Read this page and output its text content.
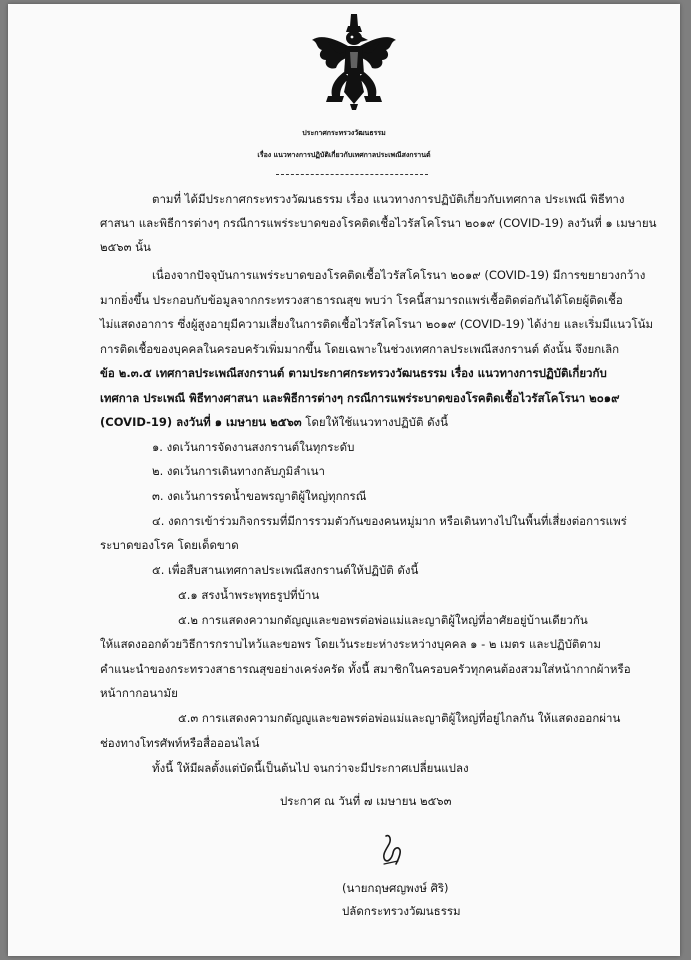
ประกาศกระทรวงวัฒนธรรม
เรื่อง แนวทางการปฏิบัติเกี่ยวกับเทศกาลประเพณีสงกรานต์
ตามที่ ได้มีประกาศกระทรวงวัฒนธรรม เรื่อง แนวทางการปฏิบัติเกี่ยวกับเทศกาล ประเพณี พิธีทาง
ศาสนา และพิธีการต่างๆ กรณีการแพร่ระบาดของโรคติดเชื้อไวรัสโคโรนา ๒๐๑๙ (COVID-19) ลงวันที่ ๑ เมษายน
๒๕๖๓ นั้น
เนื่องจากปัจจุบันการแพร่ระบาดของโรคติดเชื้อไวรัสโคโรนา ๒๐๑๙ (COVID-19) มีการขยายวงกว้าง
มากยิ่งขึ้น ประกอบกับข้อมูลจากกระทรวงสาธารณสุข พบว่า โรคนี้สามารถแพร่เชื้อติดต่อกันได้โดยผู้ติดเชื้อ
ไม่แสดงอาการ ซึ่งผู้สูงอายุมีความเสี่ยงในการติดเชื้อไวรัสโคโรนา ๒๐๑๙ (COVID-19) ได้ง่าย และเริ่มมีแนวโน้ม
การติดเชื้อของบุคคลในครอบครัวเพิ่มมากขึ้น โดยเฉพาะในช่วงเทศกาลประเพณีสงกรานต์ ดังนั้น จึงยกเลิก
ข้อ ๒.๓.๕ เทศกาลประเพณีสงกรานต์ ตามประกาศกระทรวงวัฒนธรรม เรื่อง แนวทางการปฏิบัติเกี่ยวกับ
เทศกาล ประเพณี พิธีทางศาสนา และพิธีการต่างๆ กรณีการแพร่ระบาดของโรคติดเชื้อไวรัสโคโรนา ๒๐๑๙
(COVID-19) ลงวันที่ ๑ เมษายน ๒๕๖๓ โดยให้ใช้แนวทางปฏิบัติ ดังนี้
๑. งดเว้นการจัดงานสงกรานต์ในทุกระดับ
๒. งดเว้นการเดินทางกลับภูมิลำเนา
๓. งดเว้นการรดน้ำขอพรญาติผู้ใหญ่ทุกกรณี
๔. งดการเข้าร่วมกิจกรรมที่มีการรวมตัวกันของคนหมู่มาก หรือเดินทางไปในพื้นที่เสี่ยงต่อการแพร่
ระบาดของโรค โดยเด็ดขาด
๕. เพื่อสืบสานเทศกาลประเพณีสงกรานต์ให้ปฏิบัติ ดังนี้
๕.๑ สรงน้ำพระพุทธรูปที่บ้าน
๕.๒ การแสดงความกตัญญูและขอพรต่อพ่อแม่และญาติผู้ใหญ่ที่อาศัยอยู่บ้านเดียวกัน
ให้แสดงออกด้วยวิธีการกราบไหว้และขอพร โดยเว้นระยะห่างระหว่างบุคคล ๑ - ๒ เมตร และปฏิบัติตาม
คำแนะนำของกระทรวงสาธารณสุขอย่างเคร่งครัด ทั้งนี้ สมาชิกในครอบครัวทุกคนต้องสวมใส่หน้ากากผ้าหรือ
หน้ากากอนามัย
๕.๓ การแสดงความกตัญญูและขอพรต่อพ่อแม่และญาติผู้ใหญ่ที่อยู่ไกลกัน ให้แสดงออกผ่าน
ช่องทางโทรศัพท์หรือสื่อออนไลน์
ทั้งนี้ ให้มีผลตั้งแต่บัดนี้เป็นต้นไป จนกว่าจะมีประกาศเปลี่ยนแปลง
ประกาศ ณ วันที่ ๗ เมษายน ๒๕๖๓
(นายกฤษศญพงษ์ ศิริ)
ปลัดกระทรวงวัฒนธรรม
